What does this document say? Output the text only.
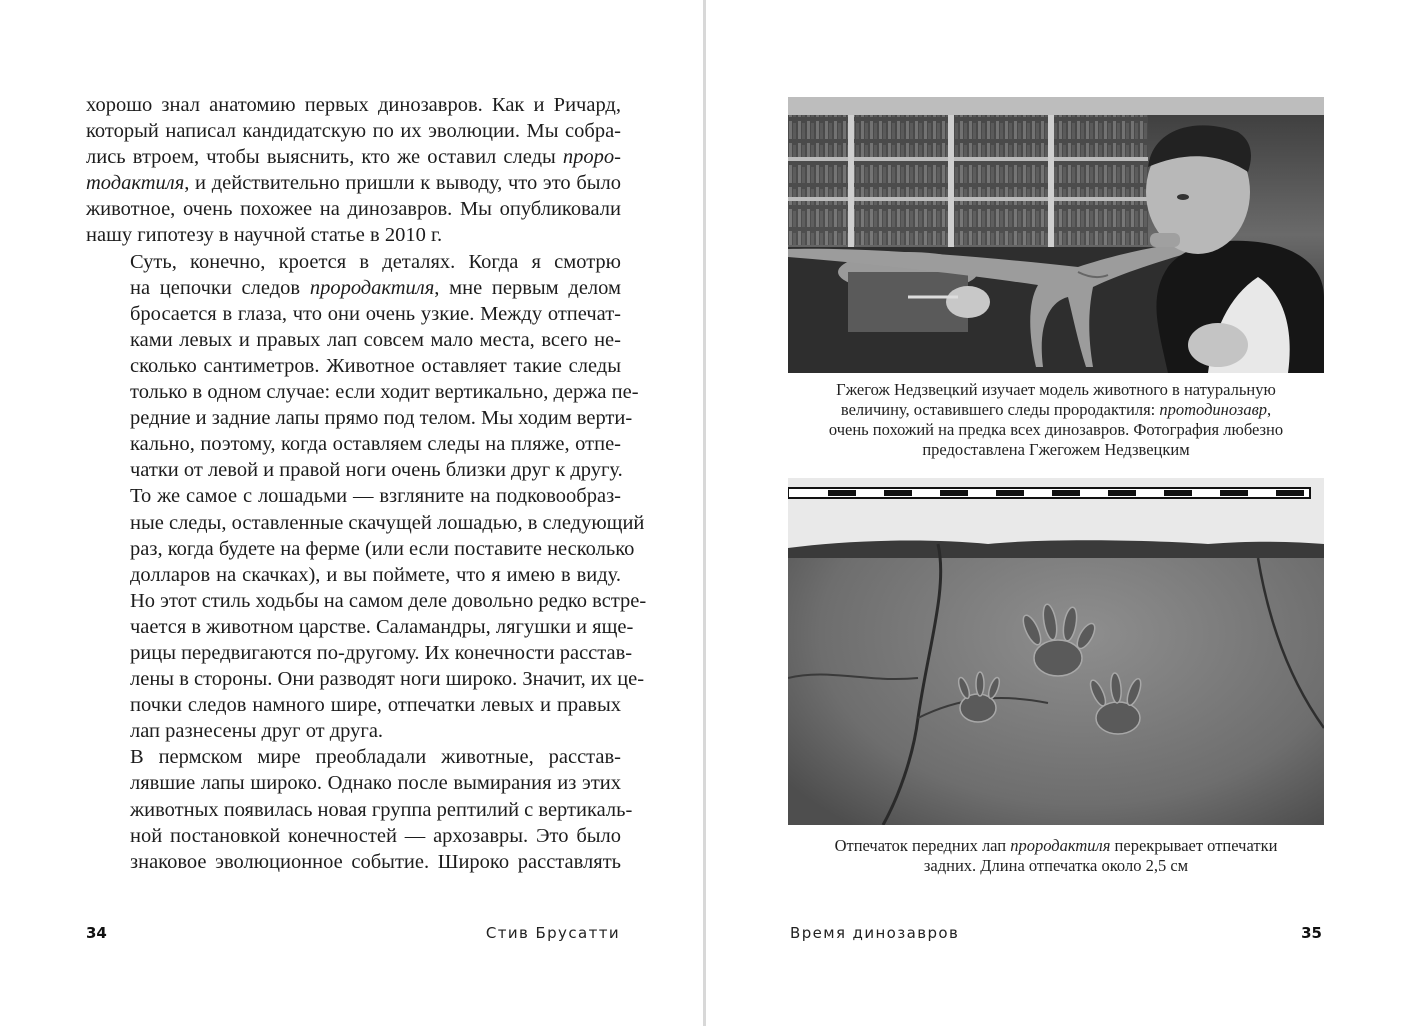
хорошо знал анатомию первых динозавров. Как и Ричард,
который написал кандидатскую по их эволюции. Мы собра-
лись втроем, чтобы выяснить, кто же оставил следы проро-
тодактиля, и действительно пришли к выводу, что это было
животное, очень похожее на динозавров. Мы опубликовали
нашу гипотезу в научной статье в 2010 г.

Суть, конечно, кроется в деталях. Когда я смотрю
на цепочки следов прородактиля, мне первым делом
бросается в глаза, что они очень узкие. Между отпечат-
ками левых и правых лап совсем мало места, всего не-
сколько сантиметров. Животное оставляет такие следы
только в одном случае: если ходит вертикально, держа пе-
редние и задние лапы прямо под телом. Мы ходим верти-
кально, поэтому, когда оставляем следы на пляже, отпе-
чатки от левой и правой ноги очень близки друг к другу.
То же самое с лошадьми — взгляните на подковообраз-
ные следы, оставленные скачущей лошадью, в следующий
раз, когда будете на ферме (или если поставите несколько
долларов на скачках), и вы поймете, что я имею в виду.
Но этот стиль ходьбы на самом деле довольно редко встре-
чается в животном царстве. Саламандры, лягушки и яще-
рицы передвигаются по-другому. Их конечности расстав-
лены в стороны. Они разводят ноги широко. Значит, их це-
почки следов намного шире, отпечатки левых и правых
лап разнесены друг от друга.

В пермском мире преобладали животные, расстав-
лявшие лапы широко. Однако после вымирания из этих
животных появилась новая группа рептилий с вертикаль-
ной постановкой конечностей — архозавры. Это было
знаковое эволюционное событие. Широко расставлять

34	Стив Брусатти
Гжегож Недзвецкий изучает модель животного в натуральную
величину, оставившего следы прородактиля: протодинозавр,
очень похожий на предка всех динозавров. Фотография любезно
предоставлена Гжегожем Недзвецким
Отпечаток передних лап прородактиля перекрывает отпечатки
задних. Длина отпечатка около 2,5 см
Время динозавров	35
